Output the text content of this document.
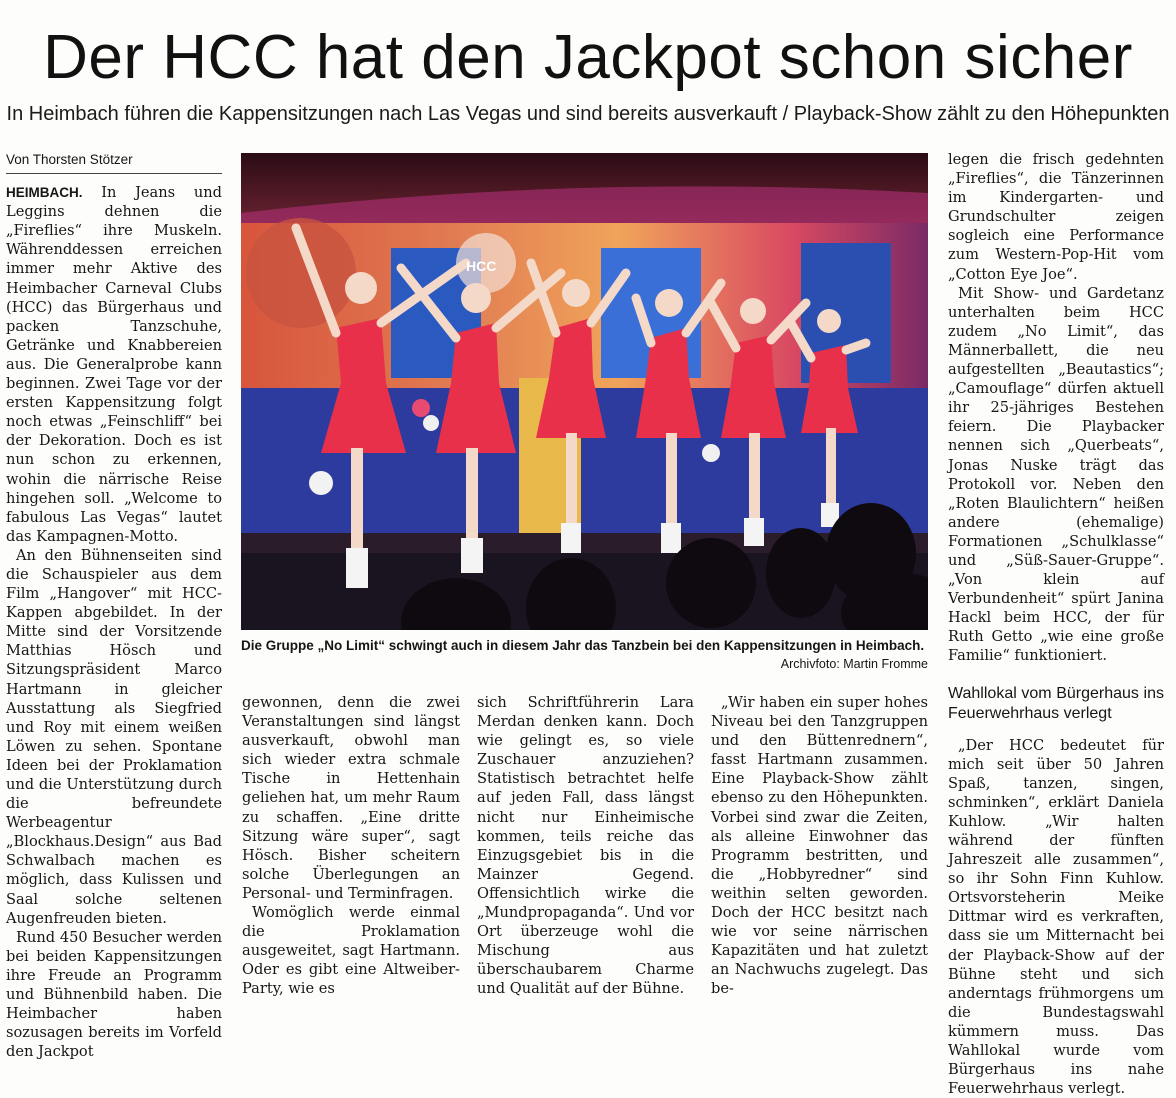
Der HCC hat den Jackpot schon sicher
In Heimbach führen die Kappensitzungen nach Las Vegas und sind bereits ausverkauft / Playback-Show zählt zu den Höhepunkten
Von Thorsten Stötzer

HEIMBACH. In Jeans und Leggins dehnen die „Fireflies“ ihre Muskeln. Währenddessen erreichen immer mehr Aktive des Heimbacher Carneval Clubs (HCC) das Bürgerhaus und packen Tanzschuhe, Getränke und Knabbereien aus. Die Generalprobe kann beginnen. Zwei Tage vor der ersten Kappensitzung folgt noch etwas „Feinschliff“ bei der Dekoration. Doch es ist nun schon zu erkennen, wohin die närrische Reise hingehen soll. „Welcome to fabulous Las Vegas“ lautet das Kampagnen-Motto.

An den Bühnenseiten sind die Schauspieler aus dem Film „Hangover“ mit HCC-Kappen abgebildet. In der Mitte sind der Vorsitzende Matthias Hösch und Sitzungspräsident Marco Hartmann in gleicher Ausstattung als Siegfried und Roy mit einem weißen Löwen zu sehen. Spontane Ideen bei der Proklamation und die Unterstützung durch die befreundete Werbeagentur „Blockhaus.Design“ aus Bad Schwalbach machen es möglich, dass Kulissen und Saal solche seltenen Augenfreuden bieten.

Rund 450 Besucher werden bei beiden Kappensitzungen ihre Freude an Programm und Bühnenbild haben. Die Heimbacher haben sozusagen bereits im Vorfeld den Jackpot

HCC
Die Gruppe „No Limit“ schwingt auch in diesem Jahr das Tanzbein bei den Kappensitzungen in Heimbach.
Archivfoto: Martin Fromme

gewonnen, denn die zwei Veranstaltungen sind längst ausverkauft, obwohl man sich wieder extra schmale Tische in Hettenhain geliehen hat, um mehr Raum zu schaffen. „Eine dritte Sitzung wäre super“, sagt Hösch. Bisher scheitern solche Überlegungen an Personal- und Terminfragen.

Womöglich werde einmal die Proklamation ausgeweitet, sagt Hartmann. Oder es gibt eine Altweiber-Party, wie es

sich Schriftführerin Lara Merdan denken kann. Doch wie gelingt es, so viele Zuschauer anzuziehen? Statistisch betrachtet helfe auf jeden Fall, dass längst nicht nur Einheimische kommen, teils reiche das Einzugsgebiet bis in die Mainzer Gegend. Offensichtlich wirke die „Mundpropaganda“. Und vor Ort überzeuge wohl die Mischung aus überschaubarem Charme und Qualität auf der Bühne.

„Wir haben ein super hohes Niveau bei den Tanzgruppen und den Büttenrednern“, fasst Hartmann zusammen. Eine Playback-Show zählt ebenso zu den Höhepunkten. Vorbei sind zwar die Zeiten, als alleine Einwohner das Programm bestritten, und die „Hobbyredner“ sind weithin selten geworden. Doch der HCC besitzt nach wie vor seine närrischen Kapazitäten und hat zuletzt an Nachwuchs zugelegt. Das be-

legen die frisch gedehnten „Fireflies“, die Tänzerinnen im Kindergarten- und Grundschulter zeigen sogleich eine Performance zum Western-Pop-Hit vom „Cotton Eye Joe“.

Mit Show- und Gardetanz unterhalten beim HCC zudem „No Limit“, das Männerballett, die neu aufgestellten „Beautastics“; „Camouflage“ dürfen aktuell ihr 25-jähriges Bestehen feiern. Die Playbacker nennen sich „Querbeats“, Jonas Nuske trägt das Protokoll vor. Neben den „Roten Blaulichtern“ heißen andere (ehemalige) Formationen „Schulklasse“ und „Süß-Sauer-Gruppe“. „Von klein auf Verbundenheit“ spürt Janina Hackl beim HCC, der für Ruth Getto „wie eine große Familie“ funktioniert.

Wahllokal vom Bürgerhaus ins Feuerwehrhaus verlegt

„Der HCC bedeutet für mich seit über 50 Jahren Spaß, tanzen, singen, schminken“, erklärt Daniela Kuhlow. „Wir halten während der fünften Jahreszeit alle zusammen“, so ihr Sohn Finn Kuhlow. Ortsvorsteherin Meike Dittmar wird es verkraften, dass sie um Mitternacht bei der Playback-Show auf der Bühne steht und sich anderntags frühmorgens um die Bundestagswahl kümmern muss. Das Wahllokal wurde vom Bürgerhaus ins nahe Feuerwehrhaus verlegt.
